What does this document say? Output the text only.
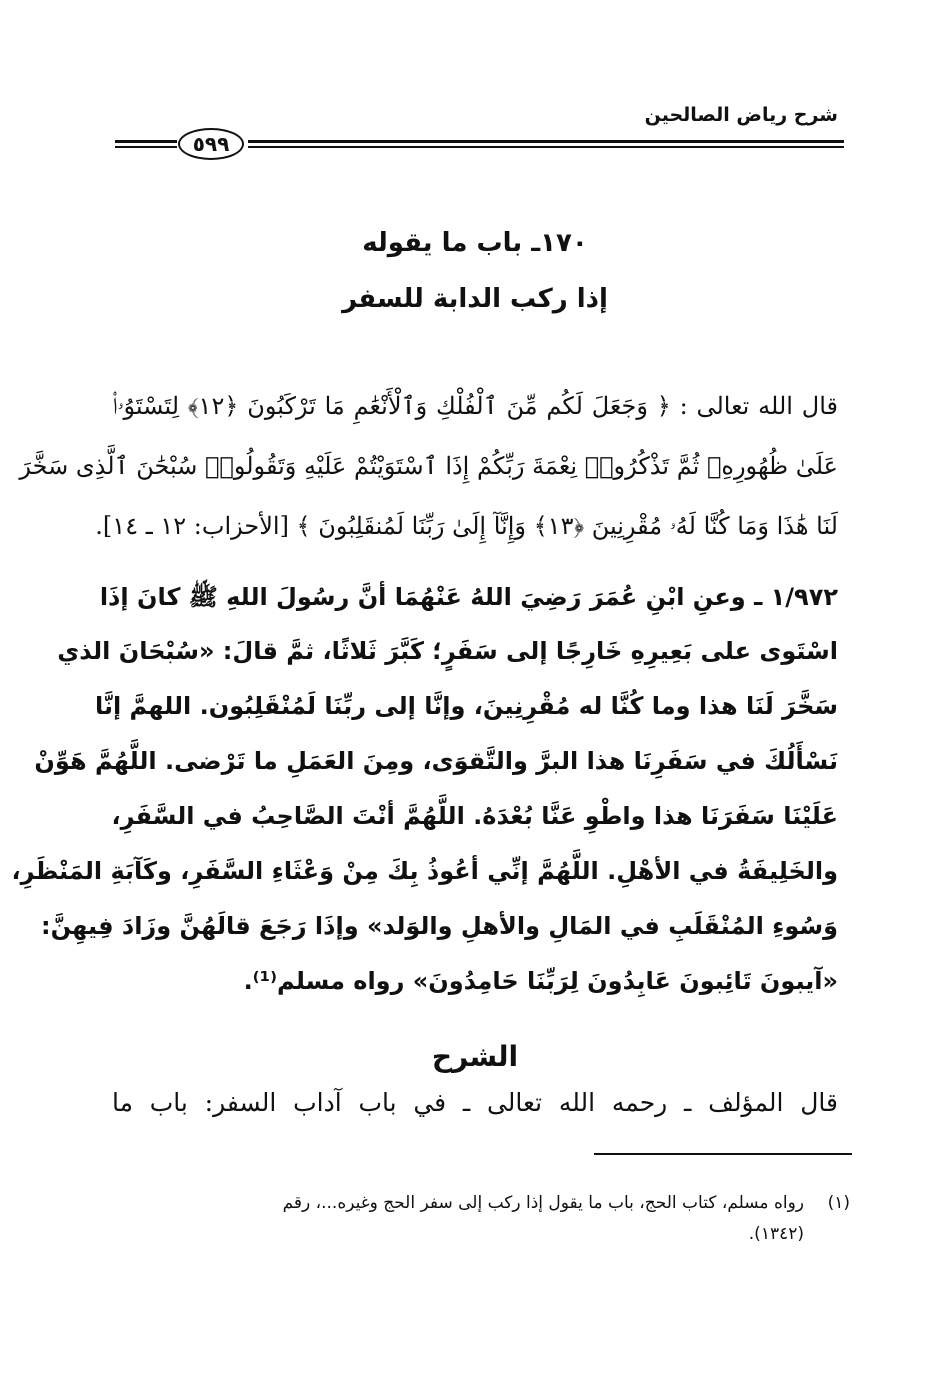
شرح رياض الصالحين
٥٩٩
١٧٠ـ باب ما يقوله
إذا ركب الدابة للسفر
قال الله تعالى : ﴿ وَجَعَلَ لَكُم مِّنَ ٱلْفُلْكِ وَٱلْأَنْعَٰمِ مَا تَرْكَبُونَ ﴿١٢﴾ لِتَسْتَوُۥا۟
عَلَىٰ ظُهُورِهِۦ ثُمَّ تَذْكُرُوا۟ نِعْمَةَ رَبِّكُمْ إِذَا ٱسْتَوَيْتُمْ عَلَيْهِ وَتَقُولُوا۟ سُبْحَٰنَ ٱلَّذِى سَخَّرَ
لَنَا هَٰذَا وَمَا كُنَّا لَهُۥ مُقْرِنِينَ ﴿١٣﴾ وَإِنَّآ إِلَىٰ رَبِّنَا لَمُنقَلِبُونَ ﴾ [الأحزاب: ١٢ ـ ١٤].
١/٩٧٢ ـ وعنِ ابْنِ عُمَرَ رَضِيَ اللهُ عَنْهُمَا أنَّ رسُولَ اللهِ ﷺ كانَ إذَا
اسْتَوى على بَعِيرِهِ خَارِجًا إلى سَفَرٍ؛ كَبَّرَ ثَلاثًا، ثمَّ قالَ: «سُبْحَانَ الذي
سَخَّرَ لَنَا هذا وما كُنَّا له مُقْرِنِينَ، وإنَّا إلى ربِّنَا لَمُنْقَلِبُون. اللهمَّ إنَّا
نَسْأَلُكَ في سَفَرِنَا هذا البرَّ والتَّقوَى، ومِنَ العَمَلِ ما تَرْضى. اللَّهُمَّ هَوِّنْ
عَلَيْنَا سَفَرَنَا هذا واطْوِ عَنَّا بُعْدَهُ. اللَّهُمَّ أنْتَ الصَّاحِبُ في السَّفَرِ،
والخَلِيفَةُ في الأهْلِ. اللَّهُمَّ إنِّي أعُوذُ بِكَ مِنْ وَعْثَاءِ السَّفَرِ، وكَآبَةِ المَنْظَرِ،
وَسُوءِ المُنْقَلَبِ في المَالِ والأهلِ والوَلد» وإذَا رَجَعَ قالَهُنَّ وزَادَ فِيهِنَّ:
«آيبونَ تَائِبونَ عَابِدُونَ لِرَبِّنَا حَامِدُونَ» رواه مسلم⁽¹⁾.
الشرح
قال المؤلف ـ رحمه الله تعالى ـ في باب آداب السفر: باب ما
(١)رواه مسلم، كتاب الحج، باب ما يقول إذا ركب إلى سفر الحج وغيره...، رقم
(١٣٤٢).
